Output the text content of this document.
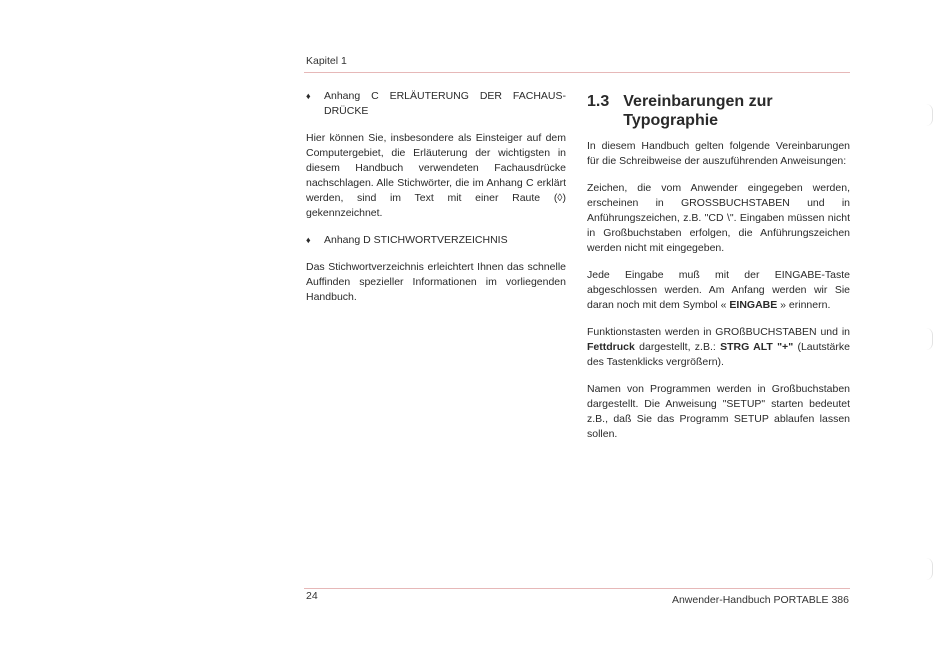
Kapitel 1
♦	Anhang C ERLÄUTERUNG DER FACHAUS-DRÜCKE

Hier können Sie, insbesondere als Einsteiger auf dem Computergebiet, die Erläuterung der wichtigsten in diesem Handbuch verwendeten Fachausdrücke nachschlagen. Alle Stichwörter, die im Anhang C erklärt werden, sind im Text mit einer Raute (◊) gekennzeichnet.

♦	Anhang D STICHWORTVERZEICHNIS

Das Stichwortverzeichnis erleichtert Ihnen das schnelle Auffinden spezieller Informationen im vorliegenden Handbuch.

1.3 Vereinbarungen zur Typographie

In diesem Handbuch gelten folgende Vereinbarungen für die Schreibweise der auszuführenden Anweisungen:

Zeichen, die vom Anwender eingegeben werden, erscheinen in GROSSBUCHSTABEN und in Anführungszeichen, z.B. "CD \". Eingaben müssen nicht in Großbuchstaben erfolgen, die Anführungszeichen werden nicht mit eingegeben.

Jede Eingabe muß mit der EINGABE-Taste abgeschlossen werden. Am Anfang werden wir Sie daran noch mit dem Symbol « EINGABE » erinnern.

Funktionstasten werden in GROßBUCHSTABEN und in Fettdruck dargestellt, z.B.: STRG ALT "+" (Lautstärke des Tastenklicks vergrößern).

Namen von Programmen werden in Großbuchstaben dargestellt. Die Anweisung "SETUP" starten bedeutet z.B., daß Sie das Programm SETUP ablaufen lassen sollen.

24	Anwender-Handbuch PORTABLE 386
